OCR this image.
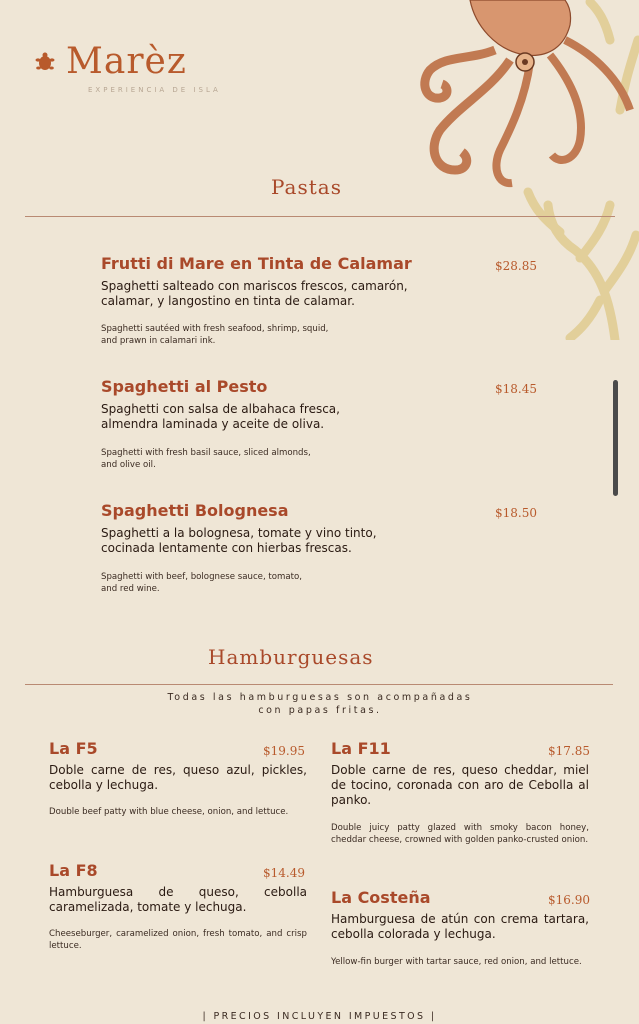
Marèz
EXPERIENCIA DE ISLA
Pastas
Frutti di Mare en Tinta de Calamar	$28.85
Spaghetti salteado con mariscos frescos, camarón,
calamar, y langostino en tinta de calamar.
Spaghetti sautéed with fresh seafood, shrimp, squid,
and prawn in calamari ink.
Spaghetti al Pesto	$18.45
Spaghetti con salsa de albahaca fresca,
almendra laminada y aceite de oliva.
Spaghetti with fresh basil sauce, sliced almonds,
and olive oil.
Spaghetti Bolognesa	$18.50
Spaghetti a la bolognesa, tomate y vino tinto,
cocinada lentamente con hierbas frescas.
Spaghetti with beef, bolognese sauce, tomato,
and red wine.
Hamburguesas
Todas las hamburguesas son acompañadas
con papas fritas.
La F5	$19.95
Doble carne de res, queso azul, pickles, cebolla y lechuga.
Double beef patty with blue cheese, onion, and lettuce.
La F8	$14.49
Hamburguesa de queso, cebolla caramelizada, tomate y lechuga.
Cheeseburger, caramelized onion, fresh tomato, and crisp lettuce.
La F11	$17.85
Doble carne de res, queso cheddar, miel de tocino, coronada con aro de Cebolla al panko.
Double juicy patty glazed with smoky bacon honey, cheddar cheese, crowned with golden panko-crusted onion.
La Costeña	$16.90
Hamburguesa de atún con crema tartara, cebolla colorada y lechuga.
Yellow-fin burger with tartar sauce, red onion, and lettuce.
| PRECIOS INCLUYEN IMPUESTOS |
